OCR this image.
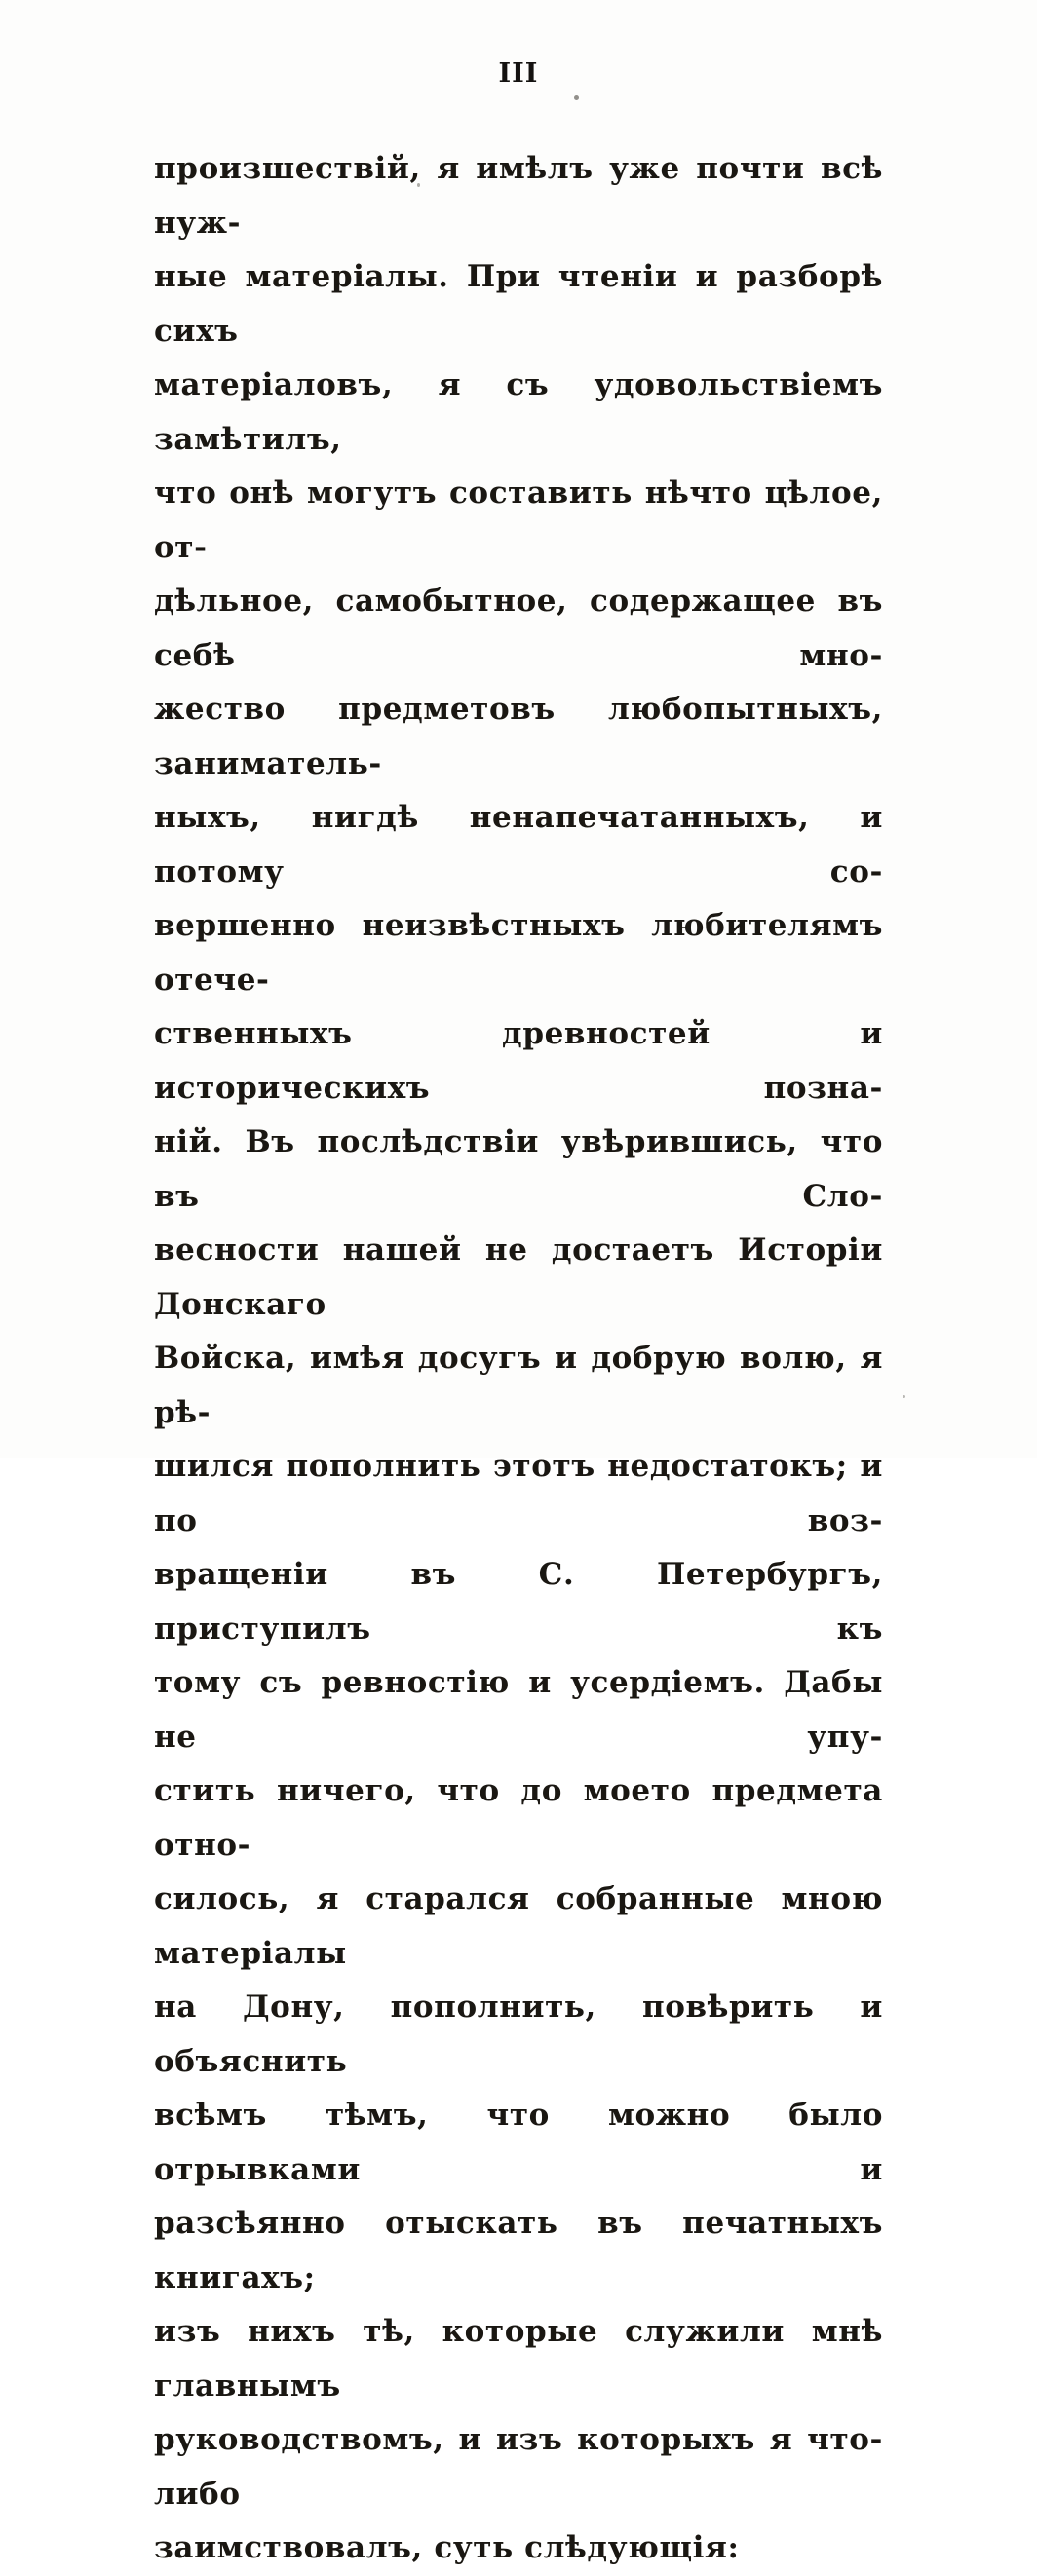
III
произшествій, я имѣлъ уже почти всѣ нуж-
ные матеріалы. При чтеніи и разборѣ сихъ
матеріаловъ, я съ удовольствіемъ замѣтилъ,
что онѣ могутъ составить нѣчто цѣлое, от-
дѣльное, самобытное, содержащее въ себѣ мно-
жество предметовъ любопытныхъ, заниматель-
ныхъ, нигдѣ ненапечатанныхъ, и потому со-
вершенно неизвѣстныхъ любителямъ отече-
ственныхъ древностей и историческихъ позна-
ній. Въ послѣдствіи увѣрившись, что въ Сло-
весности нашей не достаетъ Исторіи Донскаго
Войска, имѣя досугъ и добрую волю, я рѣ-
шился пополнить этотъ недостатокъ; и по воз-
вращеніи въ С. Петербургъ, приступилъ къ
тому съ ревностію и усердіемъ. Дабы не упу-
стить ничего, что до моето предмета отно-
силось, я старался собранные мною матеріалы
на Дону, пополнить, повѣрить и объяснить
всѣмъ тѣмъ, что можно было отрывками и
разсѣянно отыскать въ печатныхъ книгахъ;
изъ нихъ тѣ, которые служили мнѣ главнымъ
руководствомъ, и изъ которыхъ я что-либо
заимствовалъ, суть слѣдующія:
